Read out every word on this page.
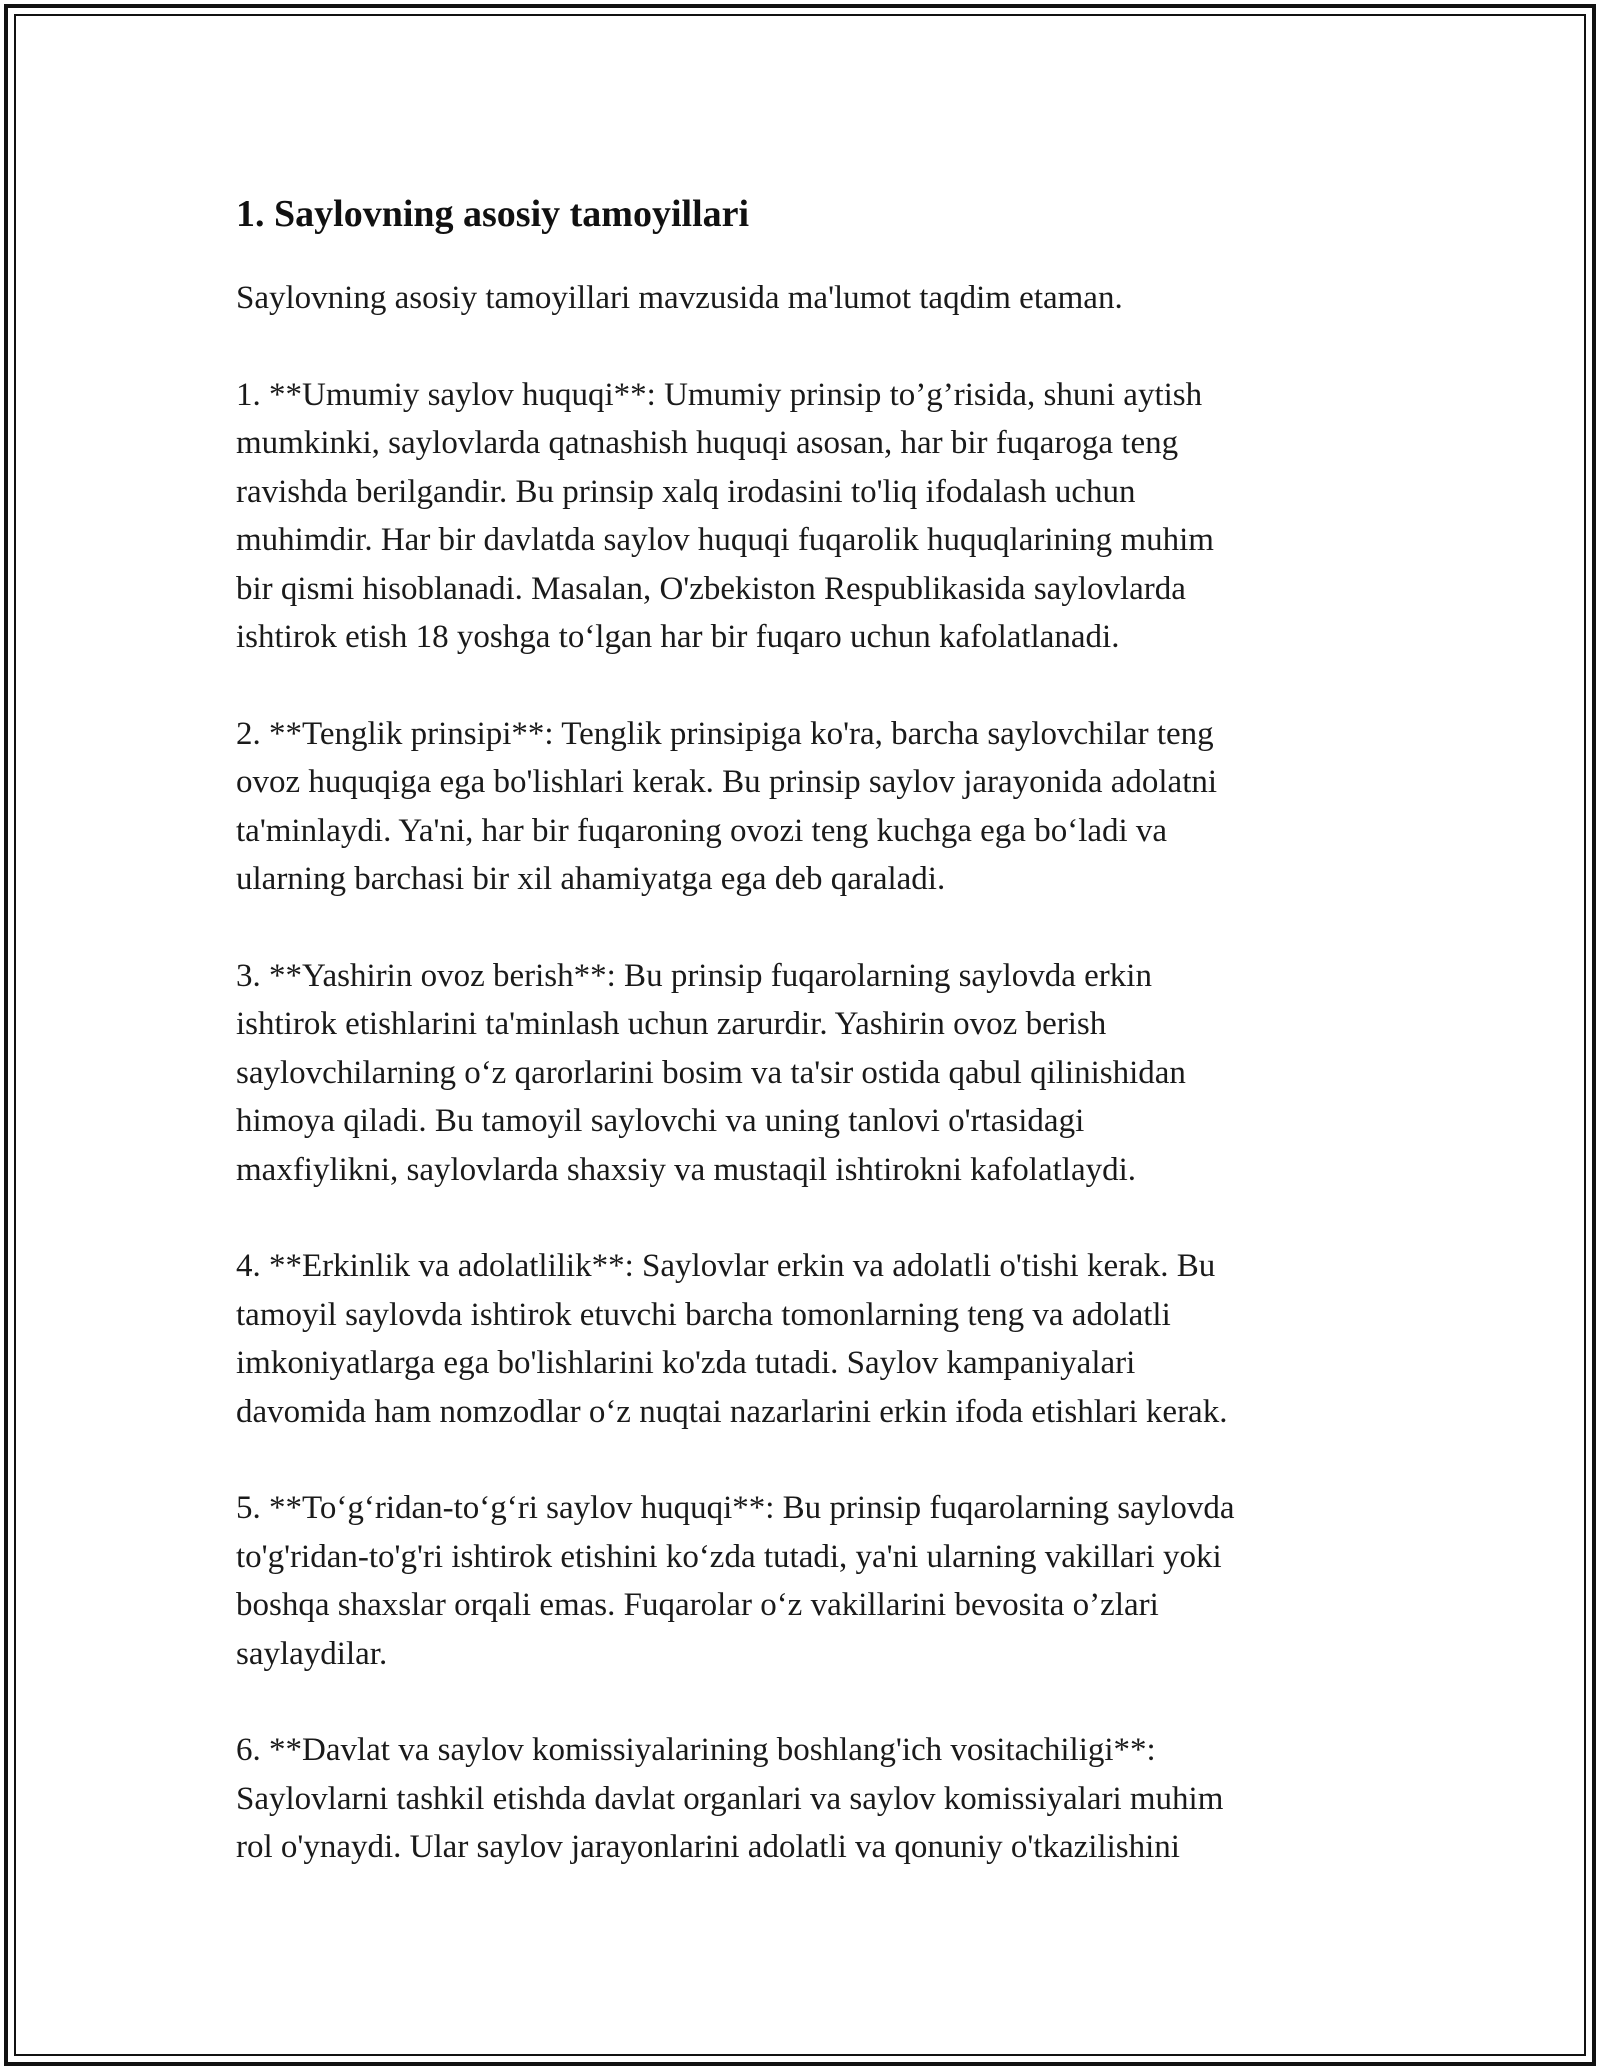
1. Saylovning asosiy tamoyillari
Saylovning asosiy tamoyillari mavzusida ma'lumot taqdim etaman.
1. **Umumiy saylov huquqi**: Umumiy prinsip to’g’risida, shuni aytish
mumkinki, saylovlarda qatnashish huquqi asosan, har bir fuqaroga teng
ravishda berilgandir. Bu prinsip xalq irodasini to'liq ifodalash uchun
muhimdir. Har bir davlatda saylov huquqi fuqarolik huquqlarining muhim
bir qismi hisoblanadi. Masalan, O'zbekiston Respublikasida saylovlarda
ishtirok etish 18 yoshga to‘lgan har bir fuqaro uchun kafolatlanadi.
2. **Tenglik prinsipi**: Tenglik prinsipiga ko'ra, barcha saylovchilar teng
ovoz huquqiga ega bo'lishlari kerak. Bu prinsip saylov jarayonida adolatni
ta'minlaydi. Ya'ni, har bir fuqaroning ovozi teng kuchga ega bo‘ladi va
ularning barchasi bir xil ahamiyatga ega deb qaraladi.
3. **Yashirin ovoz berish**: Bu prinsip fuqarolarning saylovda erkin
ishtirok etishlarini ta'minlash uchun zarurdir. Yashirin ovoz berish
saylovchilarning o‘z qarorlarini bosim va ta'sir ostida qabul qilinishidan
himoya qiladi. Bu tamoyil saylovchi va uning tanlovi o'rtasidagi
maxfiylikni, saylovlarda shaxsiy va mustaqil ishtirokni kafolatlaydi.
4. **Erkinlik va adolatlilik**: Saylovlar erkin va adolatli o'tishi kerak. Bu
tamoyil saylovda ishtirok etuvchi barcha tomonlarning teng va adolatli
imkoniyatlarga ega bo'lishlarini ko'zda tutadi. Saylov kampaniyalari
davomida ham nomzodlar o‘z nuqtai nazarlarini erkin ifoda etishlari kerak.
5. **To‘g‘ridan-to‘g‘ri saylov huquqi**: Bu prinsip fuqarolarning saylovda
to'g'ridan-to'g'ri ishtirok etishini ko‘zda tutadi, ya'ni ularning vakillari yoki
boshqa shaxslar orqali emas. Fuqarolar o‘z vakillarini bevosita o’zlari
saylaydilar.
6. **Davlat va saylov komissiyalarining boshlang'ich vositachiligi**:
Saylovlarni tashkil etishda davlat organlari va saylov komissiyalari muhim
rol o'ynaydi. Ular saylov jarayonlarini adolatli va qonuniy o'tkazilishini
